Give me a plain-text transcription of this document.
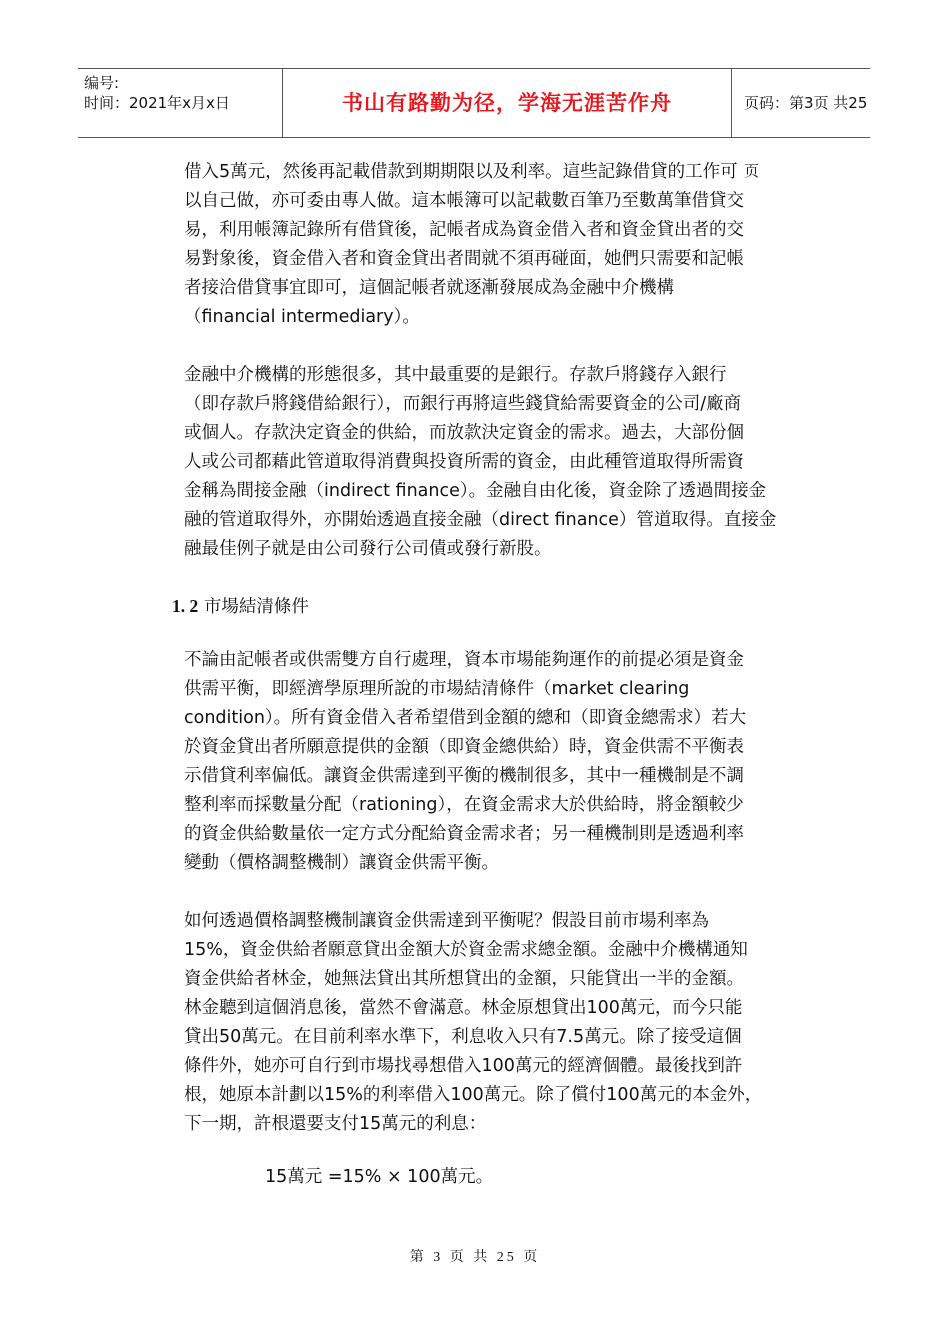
编号:
时间：2021年x月x日	书山有路勤为径，学海无涯苦作舟	页码：第3页 共25页

借入5萬元，然後再記載借款到期期限以及利率。這些記錄借貸的工作可

以自己做，亦可委由專人做。這本帳簿可以記載數百筆乃至數萬筆借貸交

易，利用帳簿記錄所有借貸後，記帳者成為資金借入者和資金貸出者的交

易對象後，資金借入者和資金貸出者間就不須再碰面，她們只需要和記帳

者接洽借貸事宜即可，這個記帳者就逐漸發展成為金融中介機構

（financial intermediary）。

金融中介機構的形態很多，其中最重要的是銀行。存款戶將錢存入銀行

（即存款戶將錢借給銀行），而銀行再將這些錢貸給需要資金的公司/廠商

或個人。存款決定資金的供給，而放款決定資金的需求。過去，大部份個

人或公司都藉此管道取得消費與投資所需的資金，由此種管道取得所需資

金稱為間接金融（indirect finance）。金融自由化後，資金除了透過間接金

融的管道取得外，亦開始透過直接金融（direct finance）管道取得。直接金

融最佳例子就是由公司發行公司債或發行新股。

1. 2 市場結清條件

不論由記帳者或供需雙方自行處理，資本市場能夠運作的前提必須是資金

供需平衡，即經濟學原理所說的市場結清條件（market clearing

condition）。所有資金借入者希望借到金額的總和（即資金總需求）若大

於資金貸出者所願意提供的金額（即資金總供給）時，資金供需不平衡表

示借貸利率偏低。讓資金供需達到平衡的機制很多，其中一種機制是不調

整利率而採數量分配（rationing），在資金需求大於供給時，將金額較少

的資金供給數量依一定方式分配給資金需求者；另一種機制則是透過利率

變動（價格調整機制）讓資金供需平衡。

如何透過價格調整機制讓資金供需達到平衡呢？假設目前市場利率為

15%，資金供給者願意貸出金額大於資金需求總金額。金融中介機構通知

資金供給者林金，她無法貸出其所想貸出的金額，只能貸出一半的金額。

林金聽到這個消息後，當然不會滿意。林金原想貸出100萬元，而今只能

貸出50萬元。在目前利率水準下，利息收入只有7.5萬元。除了接受這個

條件外，她亦可自行到市場找尋想借入100萬元的經濟個體。最後找到許

根，她原本計劃以15%的利率借入100萬元。除了償付100萬元的本金外，

下一期，許根還要支付15萬元的利息：

15萬元 =15% × 100萬元。
第 3 页 共 25 页
